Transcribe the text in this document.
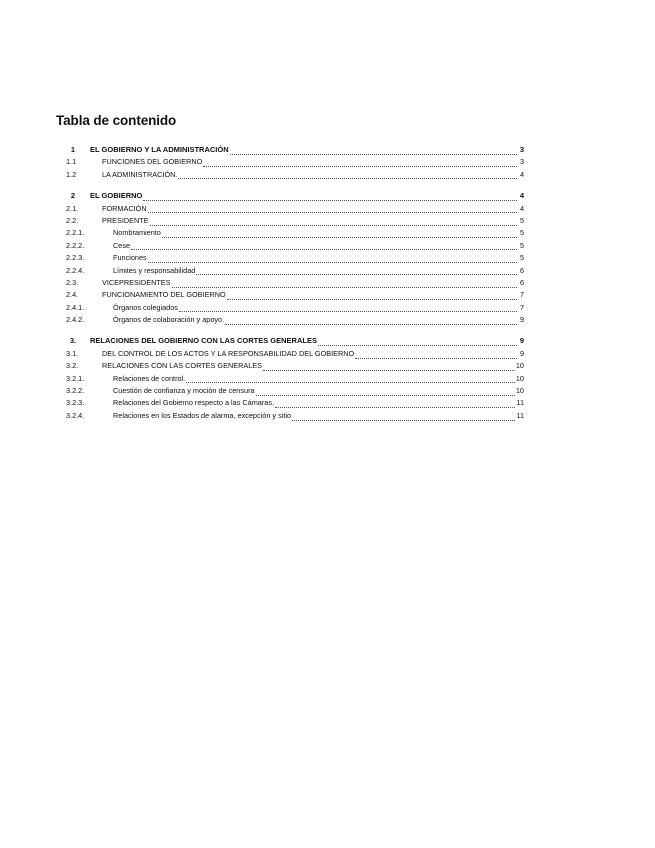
Tabla de contenido
1	EL GOBIERNO Y LA ADMINISTRACIÓN	3
1.1	FUNCIONES DEL GOBIERNO	3
1.2	LA ADMINISTRACIÓN.	4
2	EL GOBIERNO	4
2.1.	FORMACIÓN	4
2.2.	PRESIDENTE	5
2.2.1.	Nombramiento	5
2.2.2.	Cese	5
2.2.3.	Funciones	5
2.2.4.	Límites y responsabilidad	6
2.3.	VICEPRESIDENTES	6
2.4.	FUNCIONAMIENTO DEL GOBIERNO	7
2.4.1.	Órganos colegiados	7
2.4.2.	Órganos de colaboración y apoyo.	9
3.	RELACIONES DEL GOBIERNO CON LAS CORTES GENERALES	9
3.1.	DEL CONTROL DE LOS ACTOS Y LA RESPONSABILIDAD DEL GOBIERNO	9
3.2.	RELACIONES CON LAS CORTES GENERALES	10
3.2.1.	Relaciones de control.	10
3.2.2.	Cuestión de confianza y moción de censura	10
3.2.3.	Relaciones del Gobierno respecto a las Cámaras.	11
3.2.4.	Relaciones en los Estados de alarma, excepción y sitio	11
